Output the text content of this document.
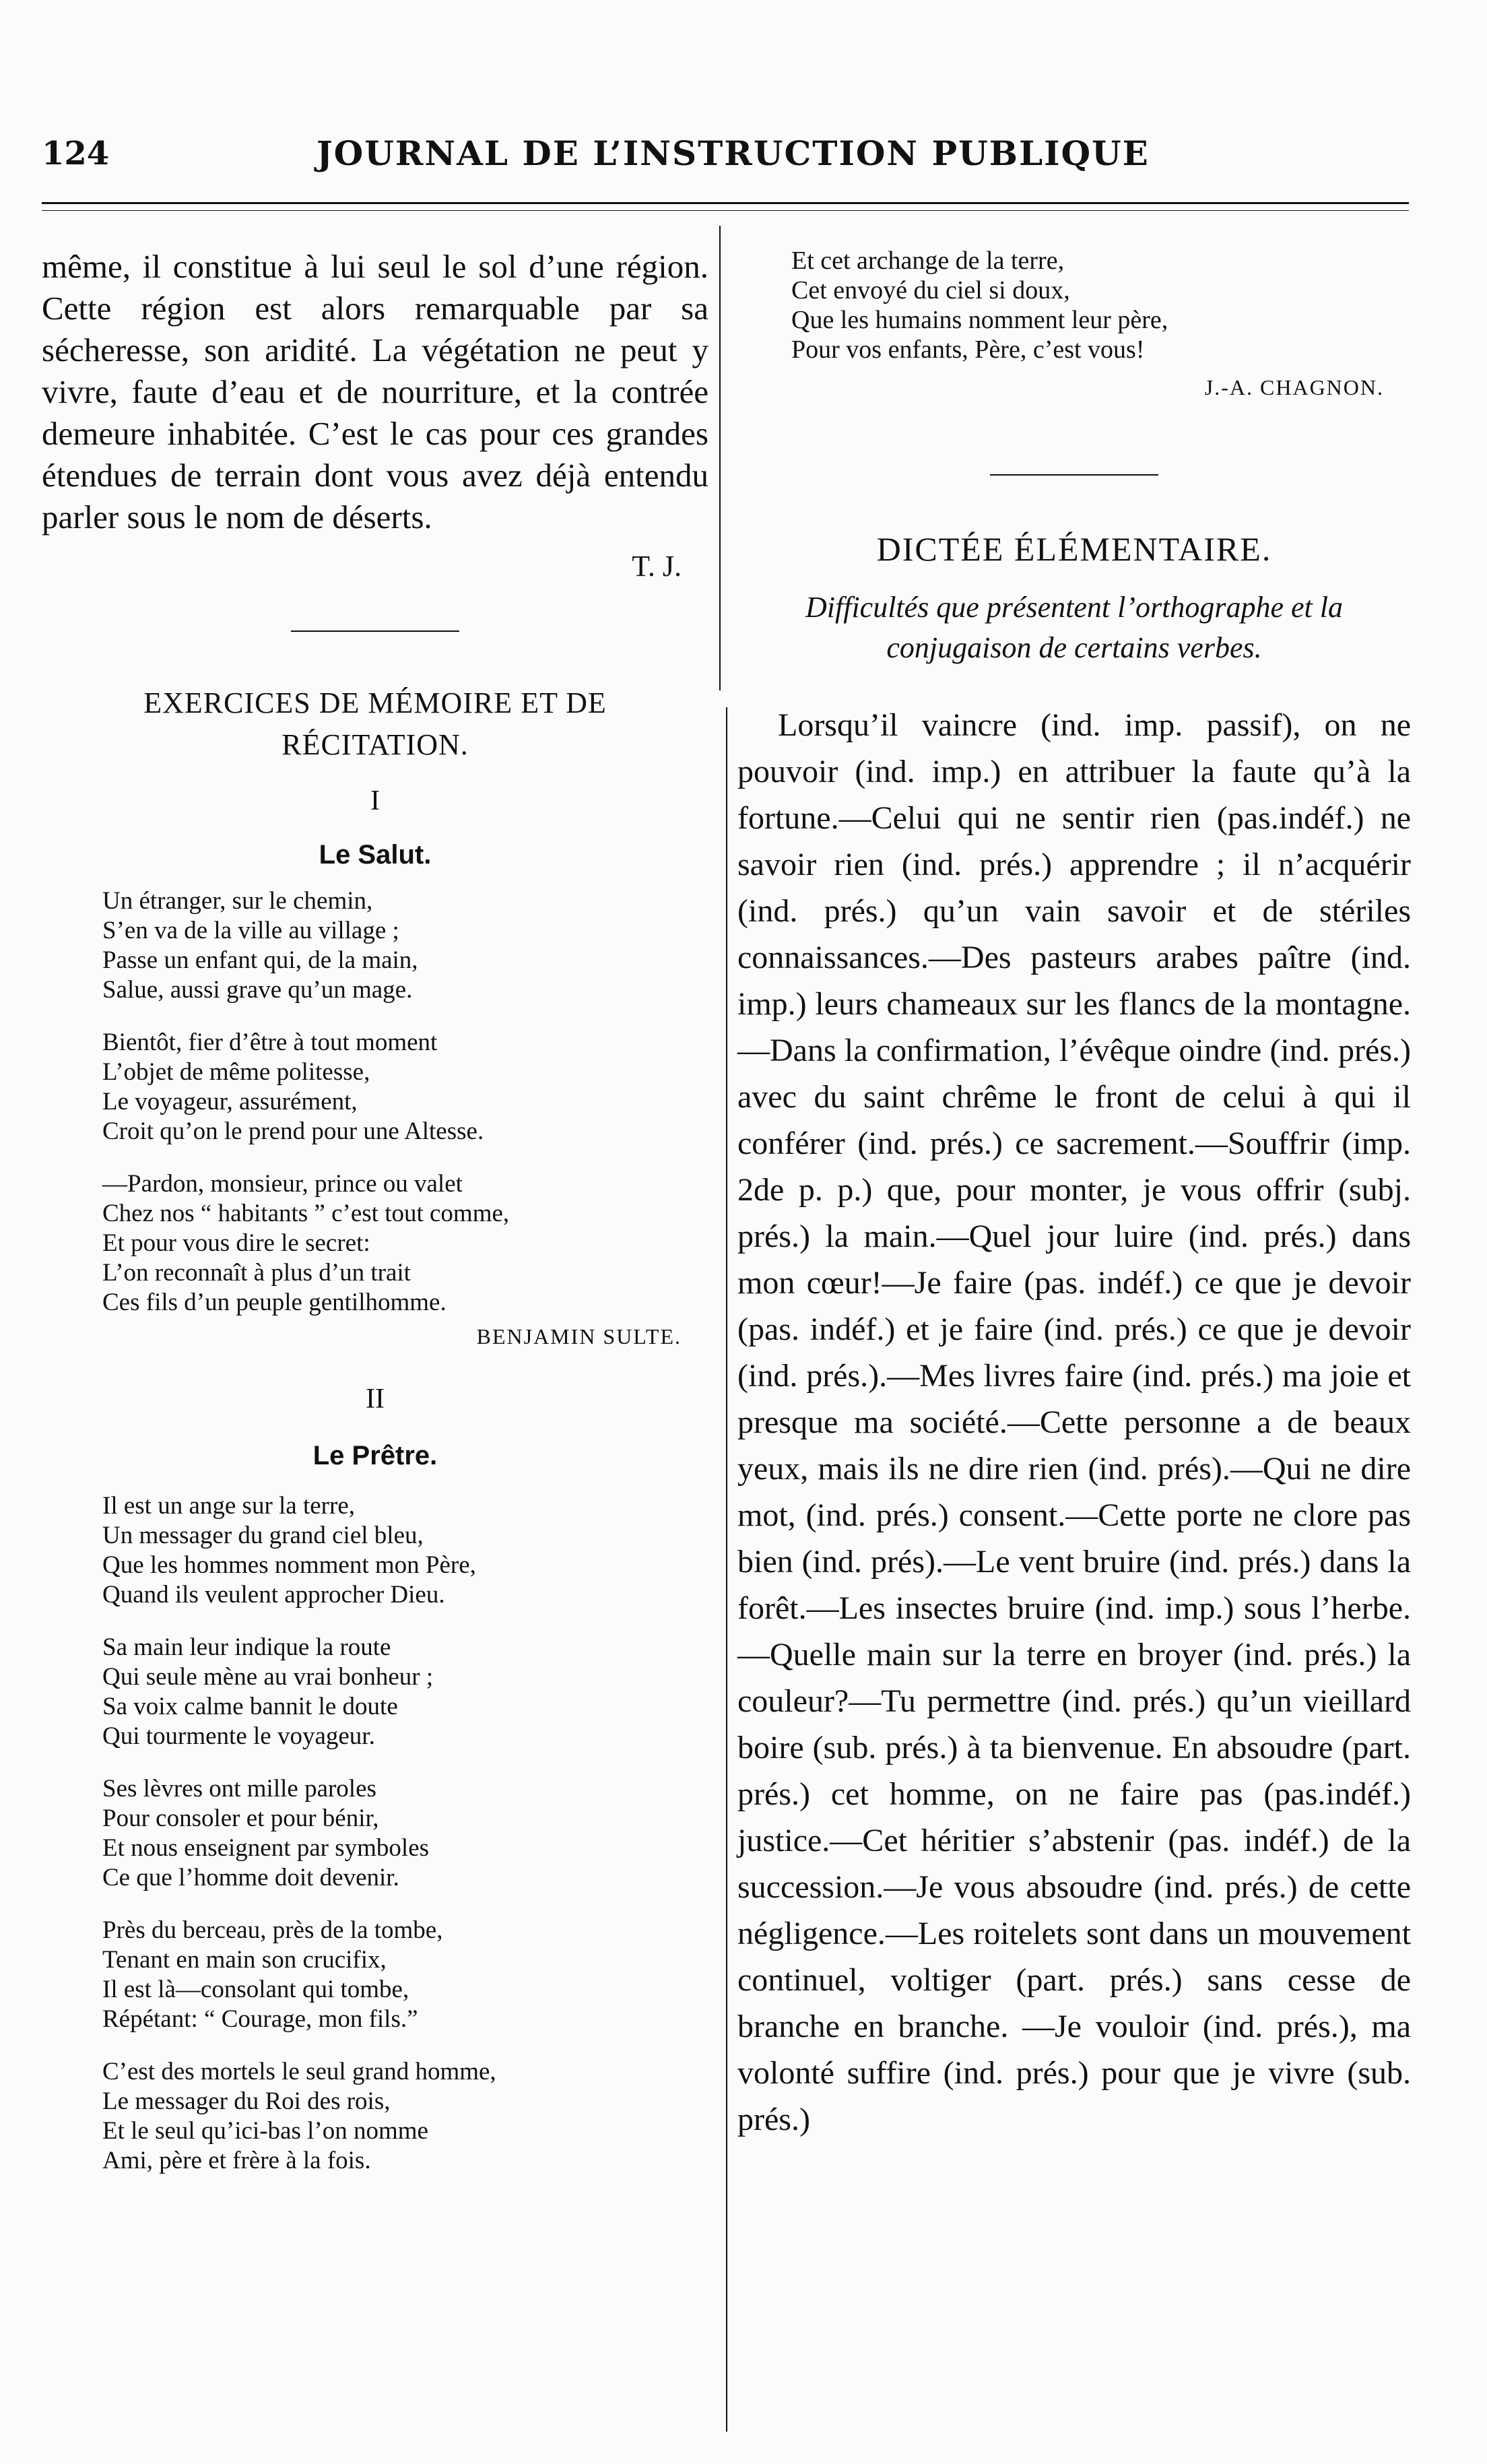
124	JOURNAL DE L’INSTRUCTION PUBLIQUE

même, il constitue à lui seul le sol d’une région. Cette région est alors remarquable par sa sécheresse, son aridité. La végétation ne peut y vivre, faute d’eau et de nourriture, et la contrée demeure inhabitée. C’est le cas pour ces grandes étendues de terrain dont vous avez déjà entendu parler sous le nom de déserts.

T. J.

EXERCICES DE MÉMOIRE ET DE RÉCITATION.

I

Le Salut.

Un étranger, sur le chemin,
S’en va de la ville au village ;
Passe un enfant qui, de la main,
Salue, aussi grave qu’un mage.
Bientôt, fier d’être à tout moment
L’objet de même politesse,
Le voyageur, assurément,
Croit qu’on le prend pour une Altesse.
—Pardon, monsieur, prince ou valet
Chez nos “ habitants ” c’est tout comme,
Et pour vous dire le secret:
L’on reconnaît à plus d’un trait
Ces fils d’un peuple gentilhomme.

BENJAMIN SULTE.

II

Le Prêtre.

Il est un ange sur la terre,
Un messager du grand ciel bleu,
Que les hommes nomment mon Père,
Quand ils veulent approcher Dieu.
Sa main leur indique la route
Qui seule mène au vrai bonheur ;
Sa voix calme bannit le doute
Qui tourmente le voyageur.
Ses lèvres ont mille paroles
Pour consoler et pour bénir,
Et nous enseignent par symboles
Ce que l’homme doit devenir.
Près du berceau, près de la tombe,
Tenant en main son crucifix,
Il est là—consolant qui tombe,
Répétant: “ Courage, mon fils.”
C’est des mortels le seul grand homme,
Le messager du Roi des rois,
Et le seul qu’ici-bas l’on nomme
Ami, père et frère à la fois.
Et cet archange de la terre,
Cet envoyé du ciel si doux,
Que les humains nomment leur père,
Pour vos enfants, Père, c’est vous!

J.-A. CHAGNON.

DICTÉE ÉLÉMENTAIRE.

Difficultés que présentent l’orthographe et la conjugaison de certains verbes.

Lorsqu’il vaincre (ind. imp. passif), on ne pouvoir (ind. imp.) en attribuer la faute qu’à la fortune.—Celui qui ne sentir rien (pas.indéf.) ne savoir rien (ind. prés.) apprendre ; il n’acquérir (ind. prés.) qu’un vain savoir et de stériles connaissances.—Des pasteurs arabes paître (ind. imp.) leurs chameaux sur les flancs de la montagne.—Dans la confirmation, l’évêque oindre (ind. prés.) avec du saint chrême le front de celui à qui il conférer (ind. prés.) ce sacrement.—Souffrir (imp. 2de p. p.) que, pour monter, je vous offrir (subj. prés.) la main.—Quel jour luire (ind. prés.) dans mon cœur!—Je faire (pas. indéf.) ce que je devoir (pas. indéf.) et je faire (ind. prés.) ce que je devoir (ind. prés.).—Mes livres faire (ind. prés.) ma joie et presque ma société.—Cette personne a de beaux yeux, mais ils ne dire rien (ind. prés).—Qui ne dire mot, (ind. prés.) consent.—Cette porte ne clore pas bien (ind. prés).—Le vent bruire (ind. prés.) dans la forêt.—Les insectes bruire (ind. imp.) sous l’herbe.—Quelle main sur la terre en broyer (ind. prés.) la couleur?—Tu permettre (ind. prés.) qu’un vieillard boire (sub. prés.) à ta bienvenue. En absoudre (part. prés.) cet homme, on ne faire pas (pas.indéf.) justice.—Cet héritier s’abstenir (pas. indéf.) de la succession.—Je vous absoudre (ind. prés.) de cette négligence.—Les roitelets sont dans un mouvement continuel, voltiger (part. prés.) sans cesse de branche en branche. —Je vouloir (ind. prés.), ma volonté suffire (ind. prés.) pour que je vivre (sub. prés.)
